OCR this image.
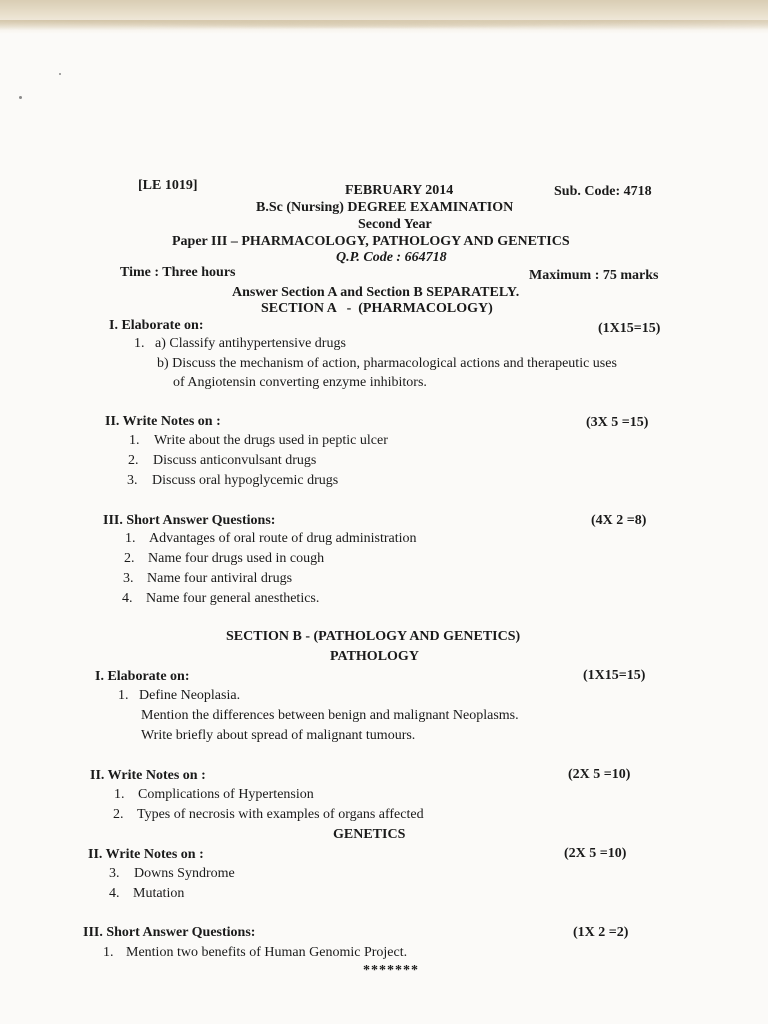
[LE 1019]	FEBRUARY 2014	Sub. Code: 4718
B.Sc (Nursing) DEGREE EXAMINATION
Second Year
Paper III – PHARMACOLOGY, PATHOLOGY AND GENETICS
Q.P. Code : 664718
Time : Three hours	Maximum : 75 marks
Answer Section A and Section B SEPARATELY.
SECTION A   -  (PHARMACOLOGY)
I. Elaborate on:	(1X15=15)
1.   a) Classify antihypertensive drugs
b) Discuss the mechanism of action, pharmacological actions and therapeutic uses
of Angiotensin converting enzyme inhibitors.
II. Write Notes on :	(3X 5 =15)
1. Write about the drugs used in peptic ulcer
2. Discuss anticonvulsant drugs
3. Discuss oral hypoglycemic drugs
III. Short Answer Questions:	(4X 2 =8)
1. Advantages of oral route of drug administration
2. Name four drugs used in cough
3. Name four antiviral drugs
4. Name four general anesthetics.
SECTION B - (PATHOLOGY AND GENETICS)
PATHOLOGY
I. Elaborate on:	(1X15=15)
1.   Define Neoplasia.
Mention the differences between benign and malignant Neoplasms.
Write briefly about spread of malignant tumours.
II. Write Notes on :	(2X 5 =10)
1. Complications of Hypertension
2. Types of necrosis with examples of organs affected
GENETICS
II. Write Notes on :	(2X 5 =10)
3. Downs Syndrome
4. Mutation
III. Short Answer Questions:	(1X 2 =2)
1. Mention two benefits of Human Genomic Project.
*******
